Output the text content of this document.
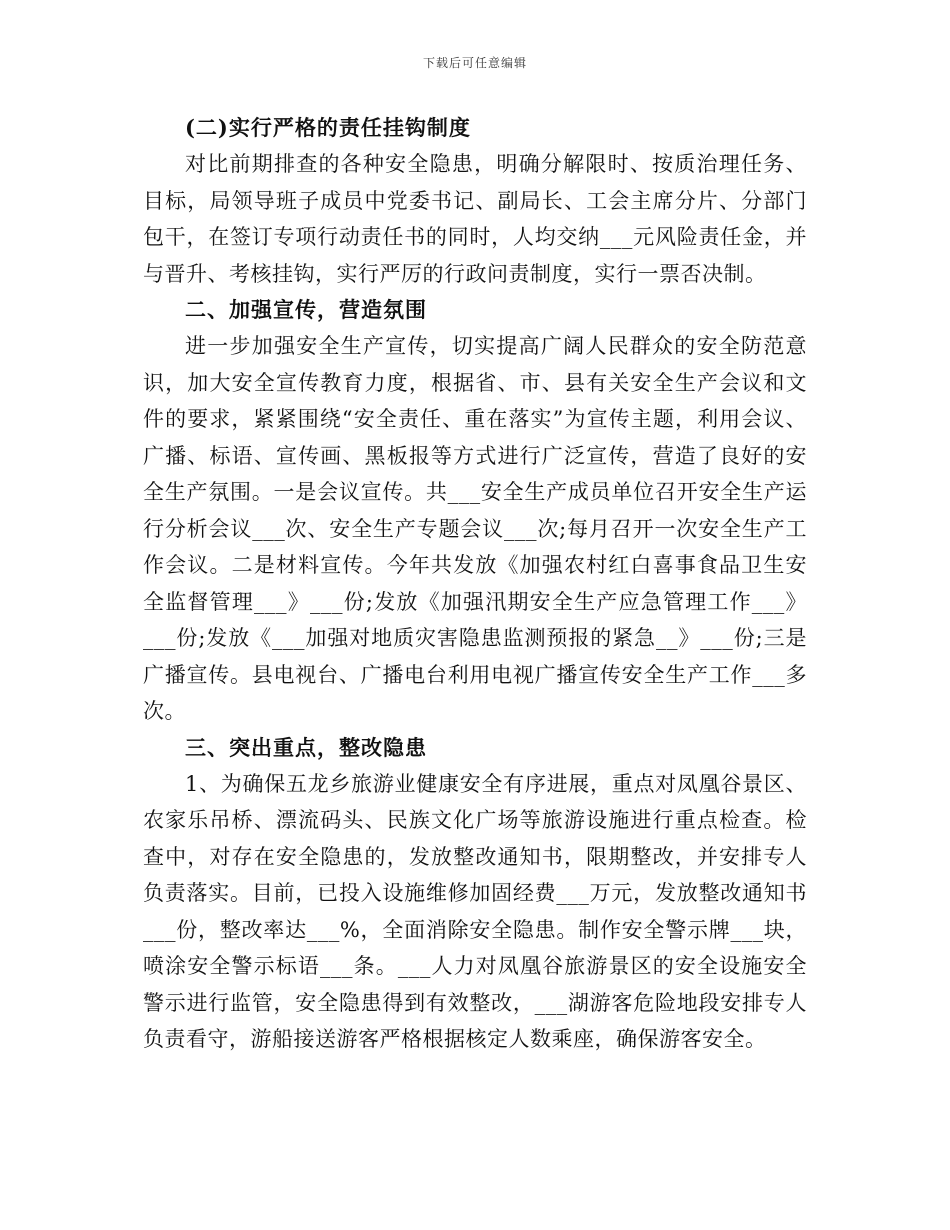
下载后可任意编辑
(二)实行严格的责任挂钩制度

对比前期排查的各种安全隐患，明确分解限时、按质治理任务、目标，局领导班子成员中党委书记、副局长、工会主席分片、分部门包干，在签订专项行动责任书的同时，人均交纳___元风险责任金，并与晋升、考核挂钩，实行严厉的行政问责制度，实行一票否决制。

二、加强宣传，营造氛围

进一步加强安全生产宣传，切实提高广阔人民群众的安全防范意识，加大安全宣传教育力度，根据省、市、县有关安全生产会议和文件的要求，紧紧围绕“安全责任、重在落实”为宣传主题，利用会议、广播、标语、宣传画、黑板报等方式进行广泛宣传，营造了良好的安全生产氛围。一是会议宣传。共___安全生产成员单位召开安全生产运行分析会议___次、安全生产专题会议___次;每月召开一次安全生产工作会议。二是材料宣传。今年共发放《加强农村红白喜事食品卫生安全监督管理___》___份;发放《加强汛期安全生产应急管理工作___》___份;发放《___加强对地质灾害隐患监测预报的紧急__》___份;三是广播宣传。县电视台、广播电台利用电视广播宣传安全生产工作___多次。

三、突出重点，整改隐患

1、为确保五龙乡旅游业健康安全有序进展，重点对凤凰谷景区、农家乐吊桥、漂流码头、民族文化广场等旅游设施进行重点检查。检查中，对存在安全隐患的，发放整改通知书，限期整改，并安排专人负责落实。目前，已投入设施维修加固经费___万元，发放整改通知书___份，整改率达___%，全面消除安全隐患。制作安全警示牌___块，喷涂安全警示标语___条。___人力对凤凰谷旅游景区的安全设施安全警示进行监管，安全隐患得到有效整改，___湖游客危险地段安排专人负责看守，游船接送游客严格根据核定人数乘座，确保游客安全。
